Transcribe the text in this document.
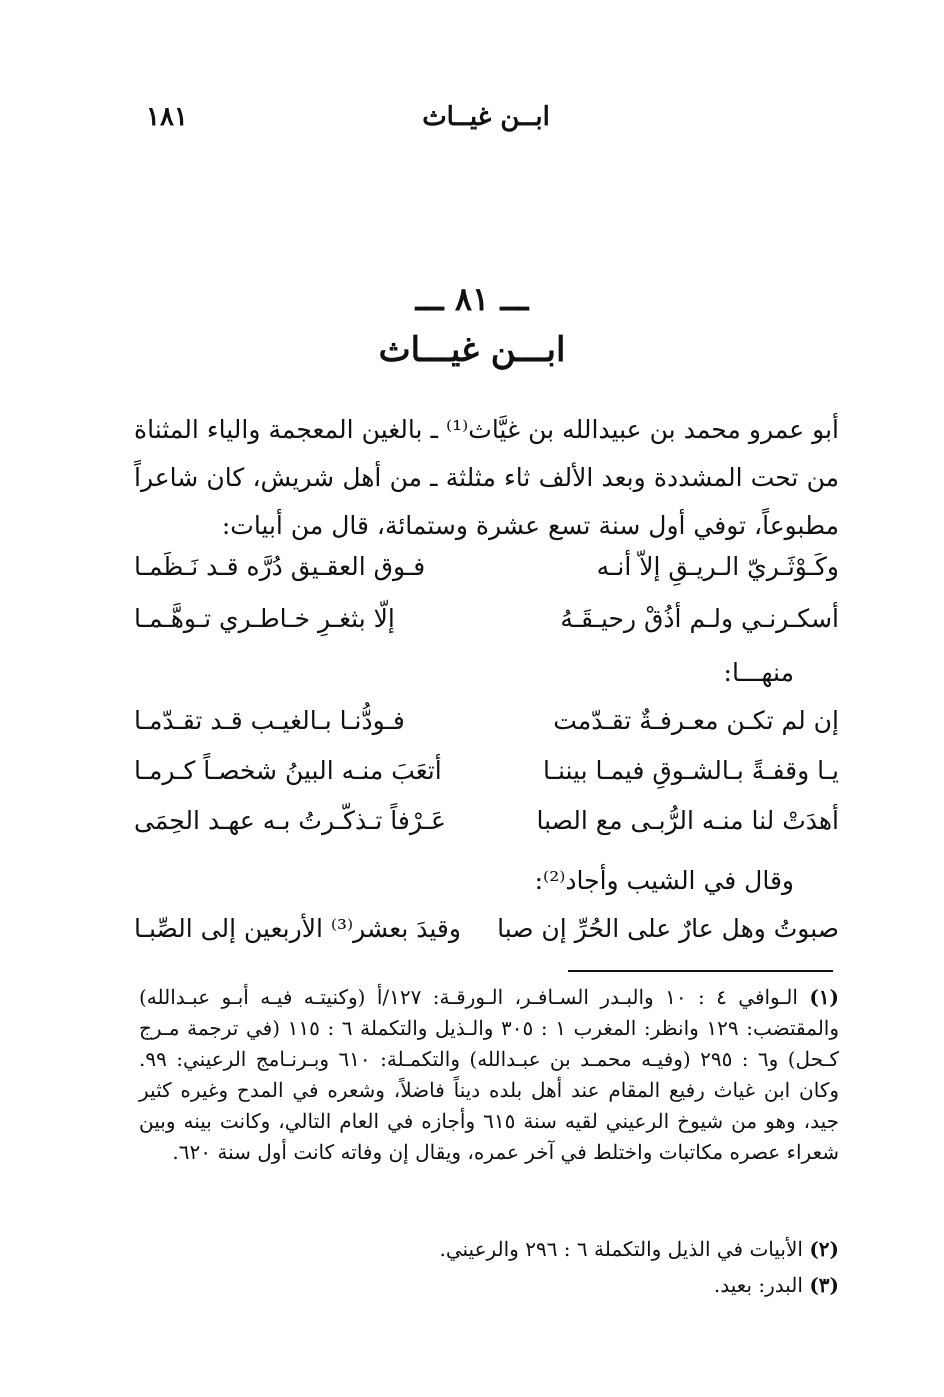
ابــن غيــاث
١٨١
ـــ ٨١ ـــ
ابـــن غيـــاث

أبو عمرو محمد بن عبيدالله بن غيَّاث⁽¹⁾ ـ بالغين المعجمة والياء المثناة من تحت المشددة وبعد الألف ثاء مثلثة ـ من أهل شريش، كان شاعراً مطبوعاً، توفي أول سنة تسع عشرة وستمائة، قال من أبيات:

وكَـوْثَـريّ الـريـقِ إلاّ أنـه
فـوق العقـيق دُرَّه قـد نَـظَمـا
أسكـرنـي ولـم أذُقْ رحيـقَـهُ
إلّا بثغـرِ خـاطـري تـوهَّـمـا
منهـــا:
إن لم تكـن معـرفـةٌ تقـدّمت
فـودُّنـا بـالغيـب قـد تقـدّمـا
يـا وقفـةً بـالشـوقِ فيمـا بيننـا
أتعَبَ منـه البينُ شخصـاً كـرمـا
أهدَتْ لنا منـه الرُّبـى مع الصبا
عَـرْفاً تـذكّـرتُ بـه عهـد الحِمَى
وقال في الشيب وأجاد⁽²⁾:
صبوتُ وهل عارٌ على الحُرِّ إن صبا
وقيدَ بعشر⁽³⁾ الأربعين إلى الصِّبـا
(١) الـوافي ٤ : ١٠ والبـدر السـافـر، الـورقـة: ١٢٧/أ (وكنيتـه فيـه أبـو عبـدالله) والمقتضب: ١٢٩ وانظر: المغرب ١ : ٣٠٥ والـذيل والتكملة ٦ : ١١٥ (في ترجمة مـرج كـحل) و٦ : ٢٩٥ (وفيـه محمـد بن عبـدالله) والتكمـلة: ٦١٠ وبـرنـامج الرعيني: ٩٩. وكان ابن غياث رفيع المقام عند أهل بلده ديناً فاضلاً، وشعره في المدح وغيره كثير جيد، وهو من شيوخ الرعيني لقيه سنة ٦١٥ وأجازه في العام التالي، وكانت بينه وبين شعراء عصره مكاتبات واختلط في آخر عمره، ويقال إن وفاته كانت أول سنة ٦٢٠.
(٢) الأبيات في الذيل والتكملة ٦ : ٢٩٦ والرعيني.
(٣) البدر: بعيد.
